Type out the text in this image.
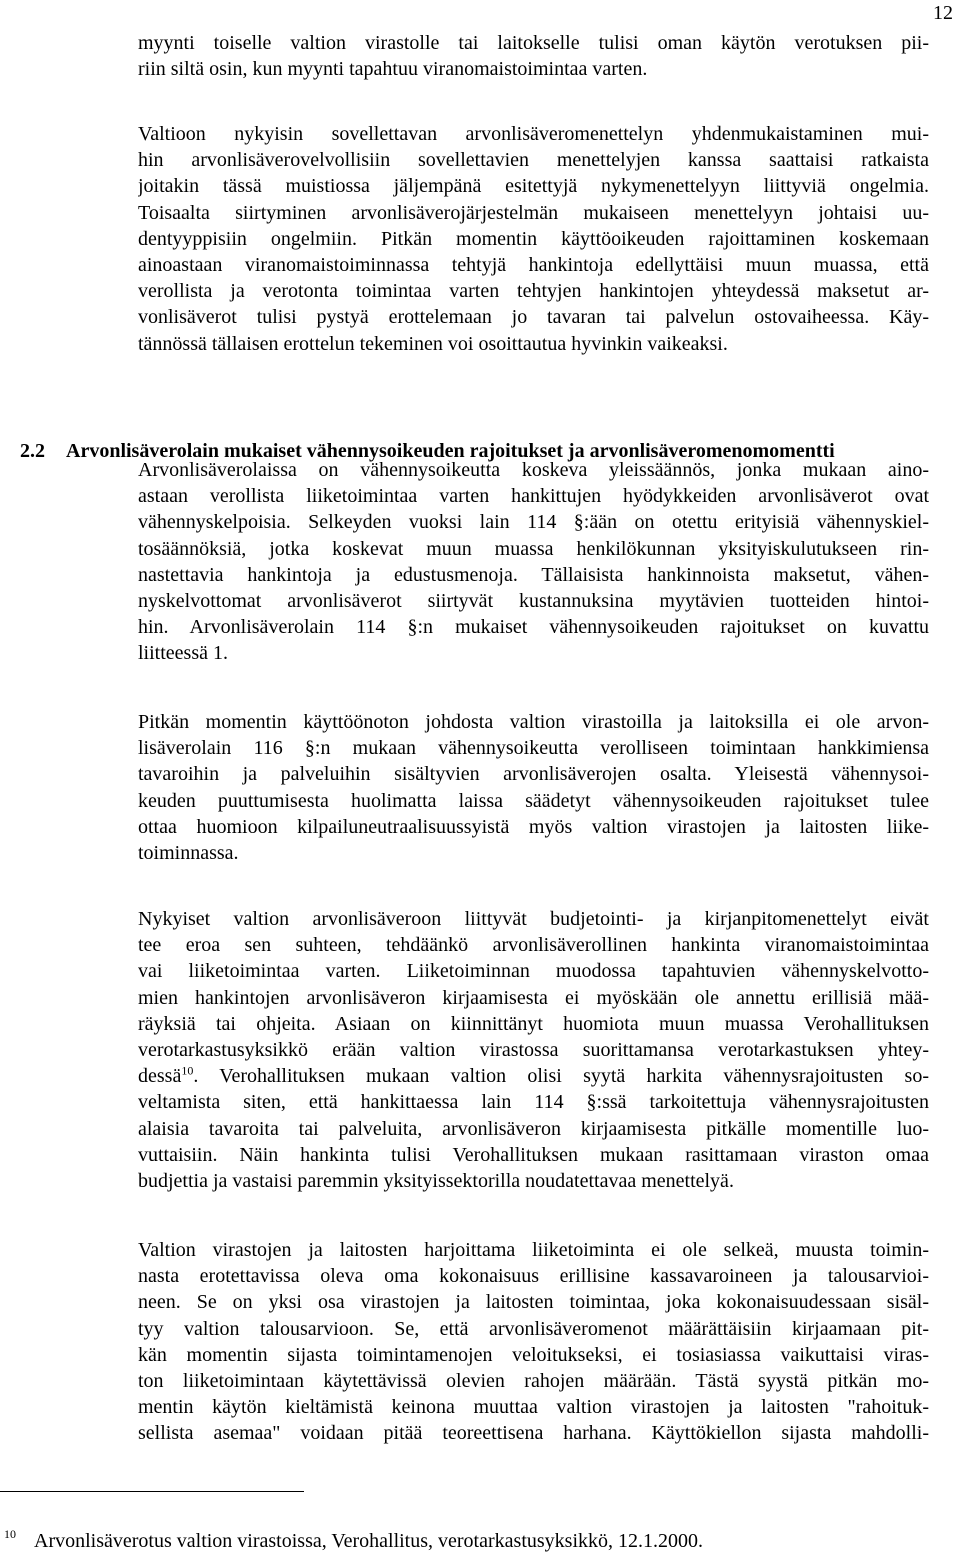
12
myynti toiselle valtion virastolle tai laitokselle tulisi oman käytön verotuksen pii-
riin siltä osin, kun myynti tapahtuu viranomaistoimintaa varten.
Valtioon nykyisin sovellettavan arvonlisäveromenettelyn yhdenmukaistaminen mui-
hin arvonlisäverovelvollisiin sovellettavien menettelyjen kanssa saattaisi ratkaista
joitakin tässä muistiossa jäljempänä esitettyjä nykymenettelyyn liittyviä ongelmia.
Toisaalta siirtyminen arvonlisäverojärjestelmän mukaiseen menettelyyn johtaisi uu-
dentyyppisiin ongelmiin. Pitkän momentin käyttöoikeuden rajoittaminen koskemaan
ainoastaan viranomaistoiminnassa tehtyjä hankintoja edellyttäisi muun muassa, että
verollista ja verotonta toimintaa varten tehtyjen hankintojen yhteydessä maksetut ar-
vonlisäverot tulisi pystyä erottelemaan jo tavaran tai palvelun ostovaiheessa. Käy-
tännössä tällaisen erottelun tekeminen voi osoittautua hyvinkin vaikeaksi.
2.2 Arvonlisäverolain mukaiset vähennysoikeuden rajoitukset ja arvonlisäveromenomomentti
Arvonlisäverolaissa on vähennysoikeutta koskeva yleissäännös, jonka mukaan aino-
astaan verollista liiketoimintaa varten hankittujen hyödykkeiden arvonlisäverot ovat
vähennyskelpoisia. Selkeyden vuoksi lain 114 §:ään on otettu erityisiä vähennyskiel-
tosäännöksiä, jotka koskevat muun muassa henkilökunnan yksityiskulutukseen rin-
nastettavia hankintoja ja edustusmenoja. Tällaisista hankinnoista maksetut, vähen-
nyskelvottomat arvonlisäverot siirtyvät kustannuksina myytävien tuotteiden hintoi-
hin. Arvonlisäverolain 114 §:n mukaiset vähennysoikeuden rajoitukset on kuvattu
liitteessä 1.
Pitkän momentin käyttöönoton johdosta valtion virastoilla ja laitoksilla ei ole arvon-
lisäverolain 116 §:n mukaan vähennysoikeutta verolliseen toimintaan hankkimiensa
tavaroihin ja palveluihin sisältyvien arvonlisäverojen osalta. Yleisestä vähennysoi-
keuden puuttumisesta huolimatta laissa säädetyt vähennysoikeuden rajoitukset tulee
ottaa huomioon kilpailuneutraalisuussyistä myös valtion virastojen ja laitosten liike-
toiminnassa.
Nykyiset valtion arvonlisäveroon liittyvät budjetointi- ja kirjanpitomenettelyt eivät
tee eroa sen suhteen, tehdäänkö arvonlisäverollinen hankinta viranomaistoimintaa
vai liiketoimintaa varten. Liiketoiminnan muodossa tapahtuvien vähennyskelvotto-
mien hankintojen arvonlisäveron kirjaamisesta ei myöskään ole annettu erillisiä mää-
räyksiä tai ohjeita. Asiaan on kiinnittänyt huomiota muun muassa Verohallituksen
verotarkastusyksikkö erään valtion virastossa suorittamansa verotarkastuksen yhtey-
dessä$^{10}$. Verohallituksen mukaan valtion olisi syytä harkita vähennysrajoitusten so-
veltamista siten, että hankittaessa lain 114 §:ssä tarkoitettuja vähennysrajoitusten
alaisia tavaroita tai palveluita, arvonlisäveron kirjaamisesta pitkälle momentille luo-
vuttaisiin. Näin hankinta tulisi Verohallituksen mukaan rasittamaan viraston omaa
budjettia ja vastaisi paremmin yksityissektorilla noudatettavaa menettelyä.
Valtion virastojen ja laitosten harjoittama liiketoiminta ei ole selkeä, muusta toimin-
nasta erotettavissa oleva oma kokonaisuus erillisine kassavaroineen ja talousarvioi-
neen. Se on yksi osa virastojen ja laitosten toimintaa, joka kokonaisuudessaan sisäl-
tyy valtion talousarvioon. Se, että arvonlisäveromenot määrättäisiin kirjaamaan pit-
kän momentin sijasta toimintamenojen veloitukseksi, ei tosiasiassa vaikuttaisi viras-
ton liiketoimintaan käytettävissä olevien rahojen määrään. Tästä syystä pitkän mo-
mentin käytön kieltämistä keinona muuttaa valtion virastojen ja laitosten "rahoituk-
sellista asemaa" voidaan pitää teoreettisena harhana. Käyttökiellon sijasta mahdolli-
10 Arvonlisäverotus valtion virastoissa, Verohallitus, verotarkastusyksikkö, 12.1.2000.
